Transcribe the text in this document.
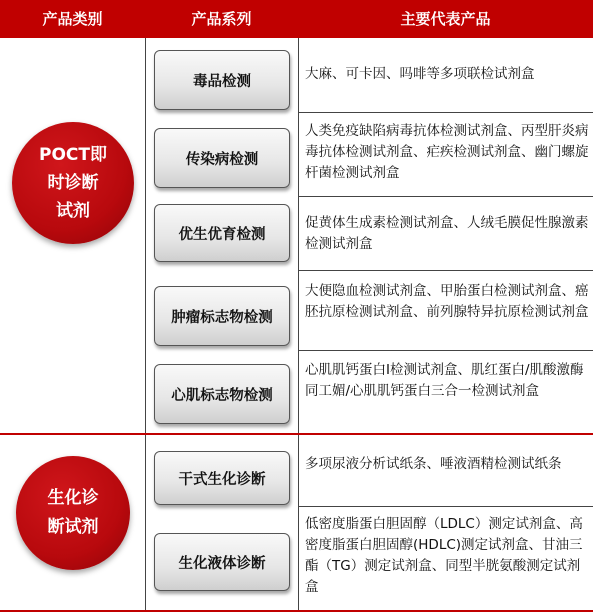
产品类别	产品系列	主要代表产品
POCT即
时诊断
试剂
生化诊
断试剂
毒品检测
传染病检测
优生优育检测
肿瘤标志物检测
心肌标志物检测
干式生化诊断
生化液体诊断
大麻、可卡因、吗啡等多项联检试剂盒
人类免疫缺陷病毒抗体检测试剂盒、丙型肝炎病毒抗体检测试剂盒、疟疾检测试剂盒、幽门螺旋杆菌检测试剂盒
促黄体生成素检测试剂盒、人绒毛膜促性腺激素检测试剂盒
大便隐血检测试剂盒、甲胎蛋白检测试剂盒、癌胚抗原检测试剂盒、前列腺特异抗原检测试剂盒
心肌肌钙蛋白I检测试剂盒、肌红蛋白/肌酸激酶同工媚/心肌肌钙蛋白三合一检测试剂盒
多项尿液分析试纸条、唾液酒精检测试纸条
低密度脂蛋白胆固醇（LDLC）测定试剂盒、高密度脂蛋白胆固醇(HDLC)测定试剂盒、甘油三酯（TG）测定试剂盒、同型半胱氨酸测定试剂盒
